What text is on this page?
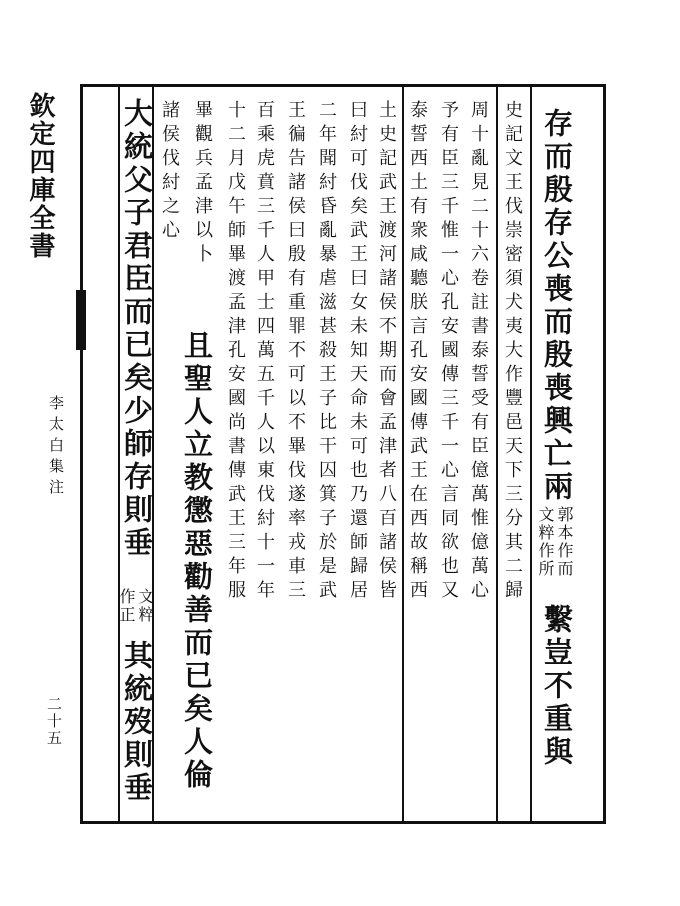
欽定四庫全書
李太白集注
二十五
存而殷存公喪而殷喪興亡兩
郭本作而
文粹作所
繫豈不重與
史記文王伐崇密須犬夷大作豐邑天下三分其二歸
周十亂見二十六卷註書泰誓受有臣億萬惟億萬心
予有臣三千惟一心孔安國傳三千一心言同欲也又
泰誓西土有衆咸聽朕言孔安國傳武王在西故稱西
土史記武王渡河諸侯不期而會孟津者八百諸侯皆
曰紂可伐矣武王曰女未知天命未可也乃還師歸居
二年聞紂昏亂暴虐滋甚殺王子比干囚箕子於是武
王徧告諸侯曰殷有重罪不可以不畢伐遂率戎車三
百乘虎賁三千人甲士四萬五千人以東伐紂十一年
十二月戊午師畢渡孟津孔安國尚書傳武王三年服
畢觀兵孟津以卜
且聖人立教懲惡勸善而已矣人倫
諸侯伐紂之心
大統父子君臣而已矣少師存則垂
文粹
作正
其統歿則垂
